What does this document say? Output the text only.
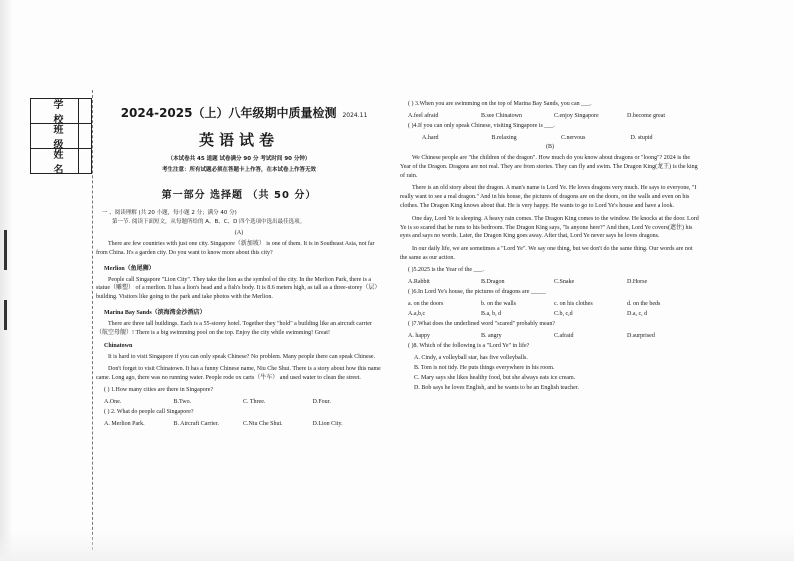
学 校
班 级
姓 名
2024-2025（上）八年级期中质量检测 2024.11
英语试卷
（本试卷共 45 道题 试卷满分 90 分 考试时间 90 分钟）
考生注意：所有试题必须在答题卡上作答，在本试卷上作答无效
第一部分 选择题 （共 50 分）
一 、阅读理解 (共 20 小题，每小题 2 分；满分 40 分)
第一节. 阅读下面短文，从每题所给的 A、B、C、D 四个选项中选出最佳选项。
(A)

There are few countries with just one city. Singapore（新加坡） is one of them. It is in Southeast Asia, not far from China. It's a garden city. Do you want to know more about this city?

Merlion（鱼尾狮）

People call Singapore "Lion City". They take the lion as the symbol of the city. In the Merlion Park, there is a statue（雕塑） of a merlion. It has a lion's head and a fish's body. It is 8.6 meters high, as tall as a three-storey（层） building. Visitors like going to the park and take photos with the Merlion.

Marina Bay Sands（滨海湾金沙酒店）

There are three tall buildings. Each is a 55-storey hotel. Together they "hold" a building like an aircraft carrier（航空母舰）! There is a big swimming pool on the top. Enjoy the city while swimming! Great!

Chinatown

It is hard to visit Singapore if you can only speak Chinese? No problem. Many people there can speak Chinese.

Don't forget to visit Chinatown. It has a funny Chinese name, Niu Che Shui. There is a story about how this name came. Long ago, there was no running water. People rode ox carts（牛车） and used water to clean the street.

( ) 1.How many cities are there in Singapore?
A.One.	B.Two.	C. Three.	D.Four.
( ) 2. What do people call Singapore?
A. Merlion Park.	B. Aircraft Carrier.	C.Niu Che Shui.	D.Lion City.
( ) 3.When you are swimming on the top of Marina Bay Sands, you can ___.
A.feel afraid	B.see Chinatown	C.enjoy Singapore	D.become great
( )4.If you can only speak Chinese, visiting Singapore is ___.
A.hard	B.relaxing	C.nervous	D. stupid
(B)

We Chinese people are "the children of the dragon". How much do you know about dragons or "loong"? 2024 is the Year of the Dragon. Dragons are not real. They are from stories. They can fly and swim. The Dragon King(龙王) is the king of rain.

There is an old story about the dragon. A man's name is Lord Ye. He loves dragons very much. He says to everyone, "I really want to see a real dragon." And in his house, the pictures of dragons are on the doors, on the walls and even on his clothes. The Dragon King knows about that. He is very happy. He wants to go to Lord Ye's house and have a look.

One day, Lord Ye is sleeping. A heavy rain comes. The Dragon King comes to the window. He knocks at the door. Lord Ye is so scared that he runs to his bedroom. The Dragon King says, "Is anyone here?" And then, Lord Ye covers(遮住) his eyes and says no words. Later, the Dragon King goes away. After that, Lord Ye never says he loves dragons.

In our daily life, we are sometimes a "Lord Ye". We say one thing, but we don't do the same thing. Our words are not the same as our action.

( )5.2025 is the Year of the ___.
A.Rabbit	B.Dragon	C.Snake	D.Horse
( )6.In Lord Ye's house, the pictures of dragons are _____
a. on the doors	b. on the walls	c. on his clothes	d. on the beds
A.a,b,c	B.a, b, d	C.b, c,d	D.a, c, d
( )7.What does the underlined word "scared" probably mean?
A. happy	B. angry	C.afraid	D.surprised
( )8. Which of the following is a "Lord Ye" in life?
A. Cindy, a volleyball star, has five volleyballs.
B. Tom is not tidy. He puts things everywhere in his room.
C. Mary says she likes healthy food, but she always eats ice cream.
D. Bob says he loves English, and he wants to be an English teacher.
